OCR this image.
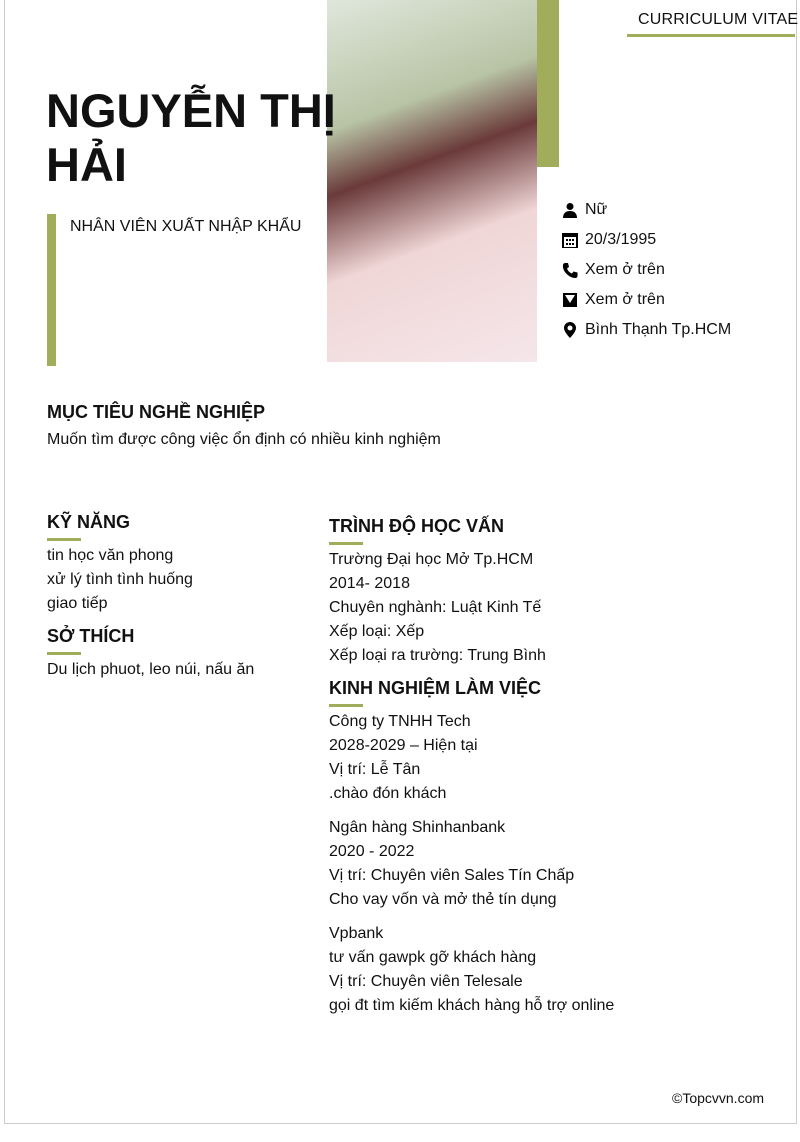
CURRICULUM VITAE
NGUYỄN THỊ HẢI
NHÂN VIÊN XUẤT NHẬP KHẨU
Nữ
20/3/1995
Xem ở trên
Xem ở trên
Bình Thạnh Tp.HCM
MỤC TIÊU NGHỀ NGHIỆP
Muốn tìm được công việc ổn định có nhiều kinh nghiệm
KỸ NĂNG
tin học văn phong
xử lý tình tình huống
giao tiếp
SỞ THÍCH
Du lịch phuot, leo núi, nấu ăn
TRÌNH ĐỘ HỌC VẤN
Trường Đại học Mở Tp.HCM
2014- 2018
Chuyên nghành: Luật Kinh Tế
Xếp loại: Xếp
Xếp loại ra trường: Trung Bình
KINH NGHIỆM LÀM VIỆC
Công ty TNHH Tech
2028-2029 – Hiện tại
Vị trí: Lễ Tân
.chào đón khách
Ngân hàng Shinhanbank
2020 - 2022
Vị trí: Chuyên viên Sales Tín Chấp
Cho vay vốn và mở thẻ tín dụng
Vpbank
tư vấn gawpk gỡ khách hàng
Vị trí: Chuyên viên Telesale
gọi đt tìm kiếm khách hàng hỗ trợ online
©Topcvvn.com
